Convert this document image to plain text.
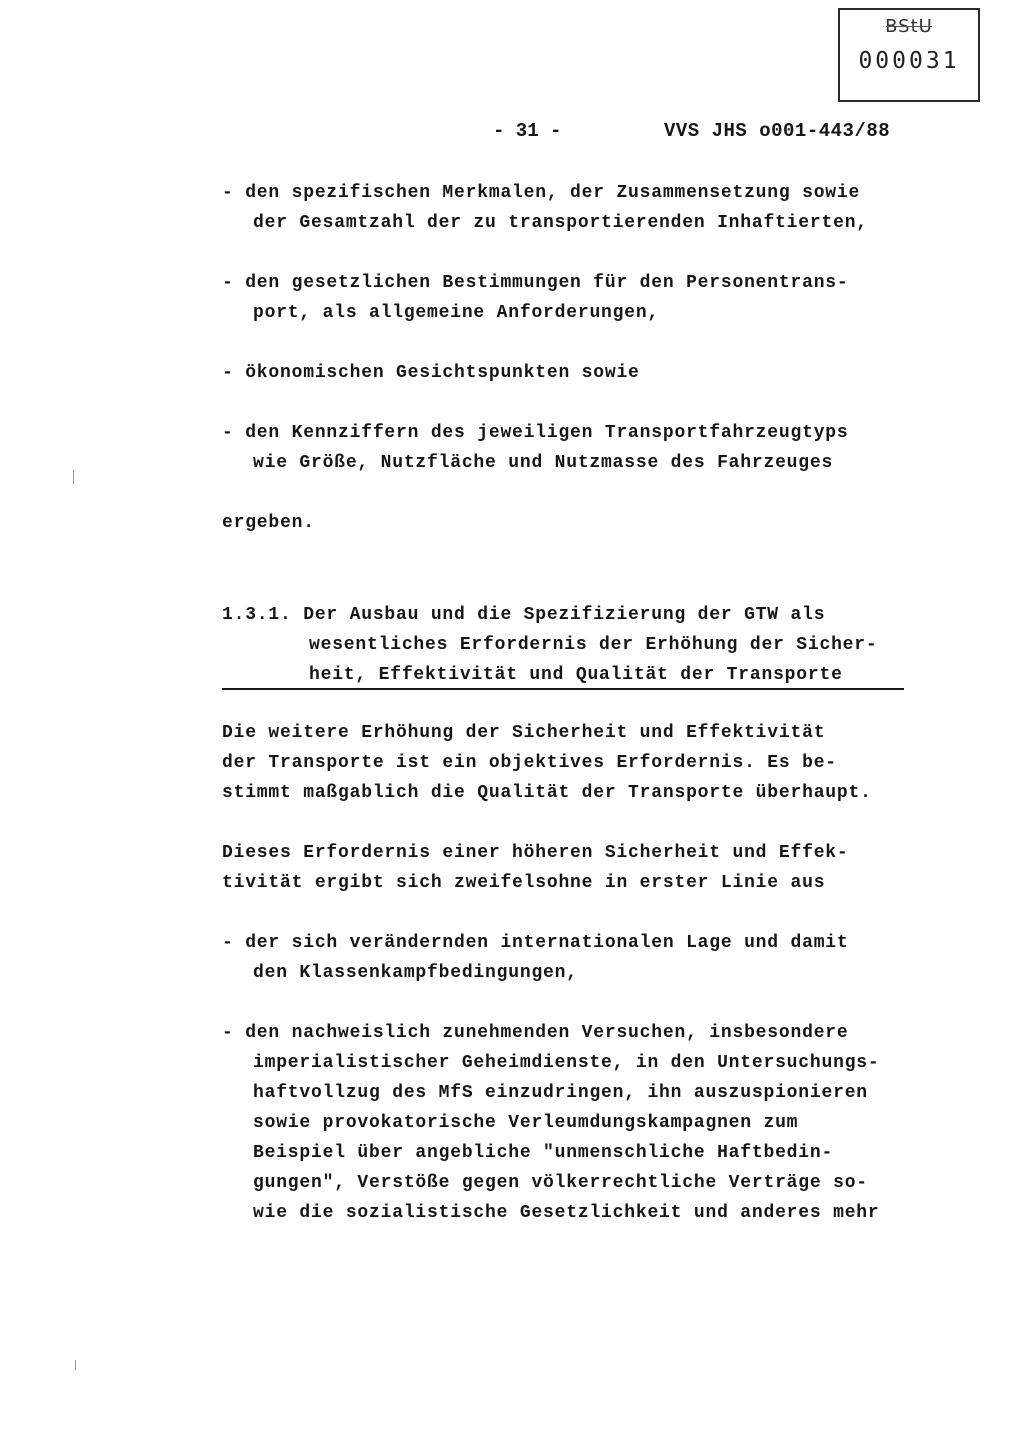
BStU
000031
- 31 -	VVS JHS o001-443/88
- den spezifischen Merkmalen, der Zusammensetzung sowie
der Gesamtzahl der zu transportierenden Inhaftierten,
- den gesetzlichen Bestimmungen für den Personentrans-
port, als allgemeine Anforderungen,
- ökonomischen Gesichtspunkten sowie
- den Kennziffern des jeweiligen Transportfahrzeugtyps
wie Größe, Nutzfläche und Nutzmasse des Fahrzeuges
ergeben.
1.3.1. Der Ausbau und die Spezifizierung der GTW als
wesentliches Erfordernis der Erhöhung der Sicher-
heit, Effektivität und Qualität der Transporte
Die weitere Erhöhung der Sicherheit und Effektivität
der Transporte ist ein objektives Erfordernis. Es be-
stimmt maßgablich die Qualität der Transporte überhaupt.
Dieses Erfordernis einer höheren Sicherheit und Effek-
tivität ergibt sich zweifelsohne in erster Linie aus
- der sich verändernden internationalen Lage und damit
den Klassenkampfbedingungen,
- den nachweislich zunehmenden Versuchen, insbesondere
imperialistischer Geheimdienste, in den Untersuchungs-
haftvollzug des MfS einzudringen, ihn auszuspionieren
sowie provokatorische Verleumdungskampagnen zum
Beispiel über angebliche "unmenschliche Haftbedin-
gungen", Verstöße gegen völkerrechtliche Verträge so-
wie die sozialistische Gesetzlichkeit und anderes mehr
